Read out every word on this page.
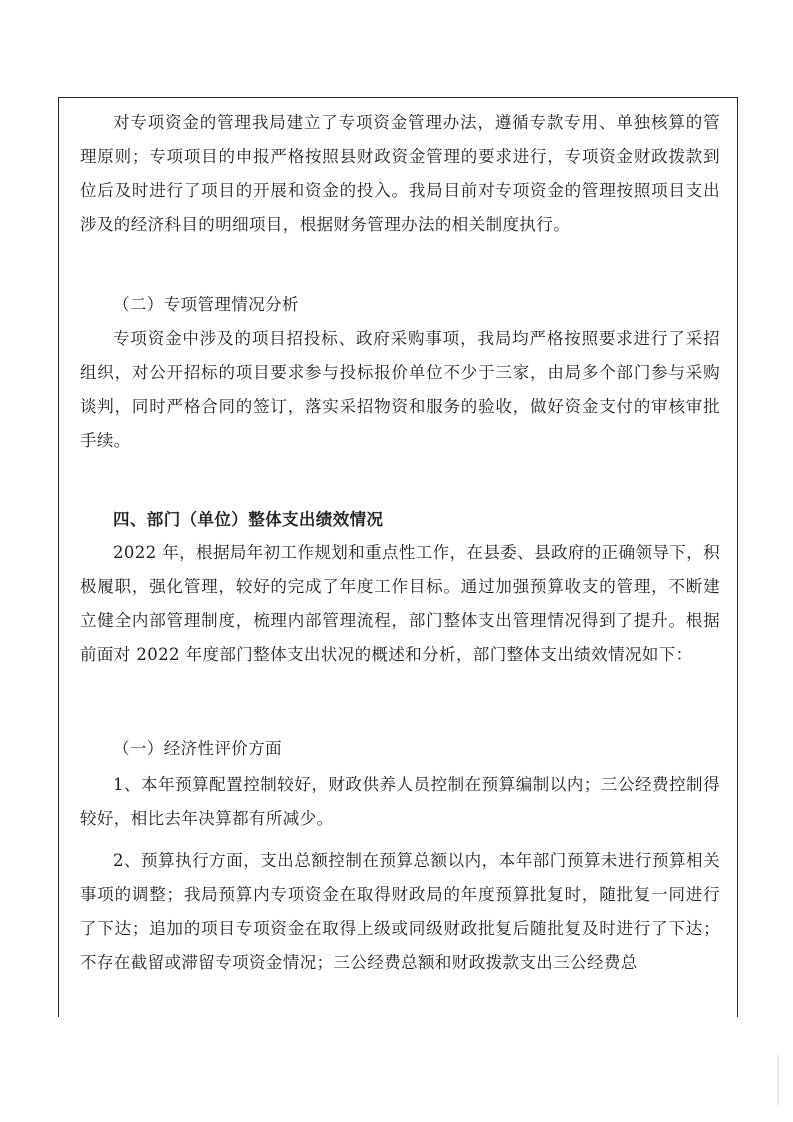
对专项资金的管理我局建立了专项资金管理办法，遵循专款专用、单独核算的管理原则；专项项目的申报严格按照县财政资金管理的要求进行，专项资金财政拨款到位后及时进行了项目的开展和资金的投入。我局目前对专项资金的管理按照项目支出涉及的经济科目的明细项目，根据财务管理办法的相关制度执行。

（二）专项管理情况分析

专项资金中涉及的项目招投标、政府采购事项，我局均严格按照要求进行了采招组织，对公开招标的项目要求参与投标报价单位不少于三家，由局多个部门参与采购谈判，同时严格合同的签订，落实采招物资和服务的验收，做好资金支付的审核审批手续。

四、部门（单位）整体支出绩效情况

2022 年，根据局年初工作规划和重点性工作，在县委、县政府的正确领导下，积极履职，强化管理，较好的完成了年度工作目标。通过加强预算收支的管理，不断建立健全内部管理制度，梳理内部管理流程，部门整体支出管理情况得到了提升。根据前面对 2022 年度部门整体支出状况的概述和分析，部门整体支出绩效情况如下：

（一）经济性评价方面

1、本年预算配置控制较好，财政供养人员控制在预算编制以内；三公经费控制得较好，相比去年决算都有所减少。

2、预算执行方面，支出总额控制在预算总额以内，本年部门预算未进行预算相关事项的调整；我局预算内专项资金在取得财政局的年度预算批复时，随批复一同进行了下达；追加的项目专项资金在取得上级或同级财政批复后随批复及时进行了下达；不存在截留或滞留专项资金情况；三公经费总额和财政拨款支出三公经费总
